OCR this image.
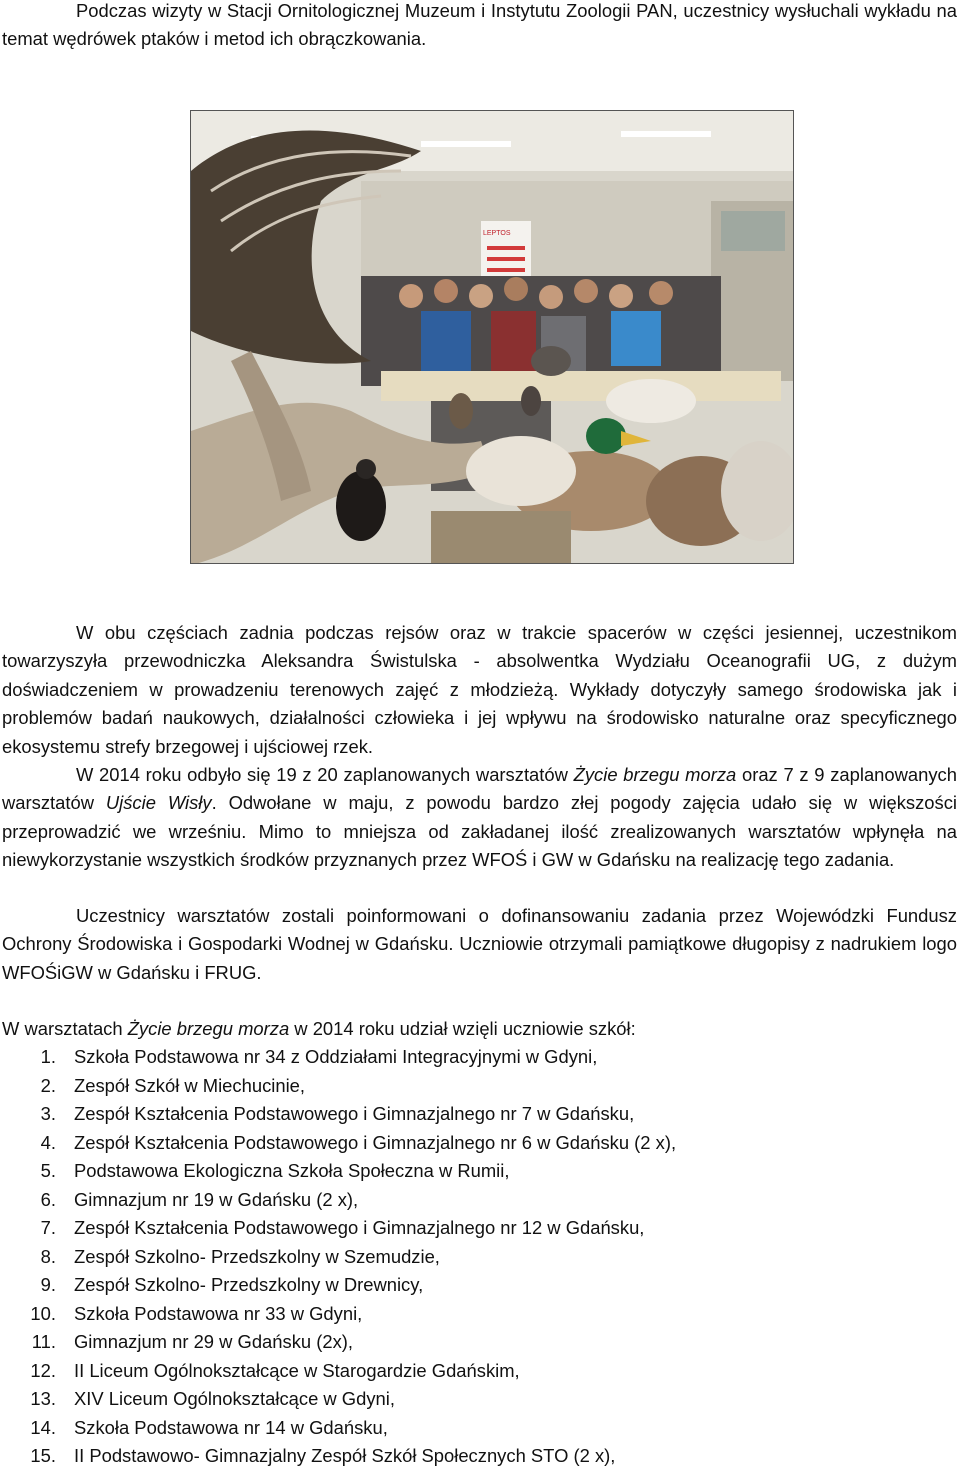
Podczas wizyty w Stacji Ornitologicznej Muzeum i Instytutu Zoologii PAN, uczestnicy wysłuchali wykładu na temat wędrówek ptaków i metod ich obrączkowania.

LEPTOS

W obu częściach zadnia podczas rejsów oraz w trakcie spacerów w części jesiennej, uczestnikom towarzyszyła przewodniczka Aleksandra Świstulska - absolwentka Wydziału Oceanografii UG, z dużym doświadczeniem w prowadzeniu terenowych zajęć z młodzieżą. Wykłady dotyczyły samego środowiska jak i problemów badań naukowych, działalności człowieka i jej wpływu na środowisko naturalne oraz specyficznego ekosystemu strefy brzegowej i ujściowej rzek.

W 2014 roku odbyło się 19 z 20 zaplanowanych warsztatów Życie brzegu morza oraz 7 z 9 zaplanowanych warsztatów Ujście Wisły. Odwołane w maju, z powodu bardzo złej pogody zajęcia udało się w większości przeprowadzić we wrześniu. Mimo to mniejsza od zakładanej ilość zrealizowanych warsztatów wpłynęła na niewykorzystanie wszystkich środków przyznanych przez WFOŚ i GW w Gdańsku na realizację tego zadania.

Uczestnicy warsztatów zostali poinformowani o dofinansowaniu zadania przez Wojewódzki Fundusz Ochrony Środowiska i Gospodarki Wodnej w Gdańsku. Uczniowie otrzymali pamiątkowe długopisy z nadrukiem logo WFOŚiGW w Gdańsku i FRUG.

W warsztatach Życie brzegu morza w 2014 roku udział wzięli uczniowie szkół:

1. Szkoła Podstawowa nr 34 z Oddziałami Integracyjnymi w Gdyni,
2. Zespół Szkół w Miechucinie,
3. Zespół Kształcenia Podstawowego i Gimnazjalnego nr 7 w Gdańsku,
4. Zespół Kształcenia Podstawowego i Gimnazjalnego nr 6 w Gdańsku (2 x),
5. Podstawowa Ekologiczna Szkoła Społeczna w Rumii,
6. Gimnazjum nr 19 w Gdańsku (2 x),
7. Zespół Kształcenia Podstawowego i Gimnazjalnego nr 12 w Gdańsku,
8. Zespół Szkolno- Przedszkolny w Szemudzie,
9. Zespół Szkolno- Przedszkolny w Drewnicy,
10. Szkoła Podstawowa nr 33 w Gdyni,
11. Gimnazjum nr 29 w Gdańsku (2x),
12. II Liceum Ogólnokształcące w Starogardzie Gdańskim,
13. XIV Liceum Ogólnokształcące w Gdyni,
14. Szkoła Podstawowa nr 14 w Gdańsku,
15. II Podstawowo- Gimnazjalny Zespół Szkół Społecznych STO (2 x),
